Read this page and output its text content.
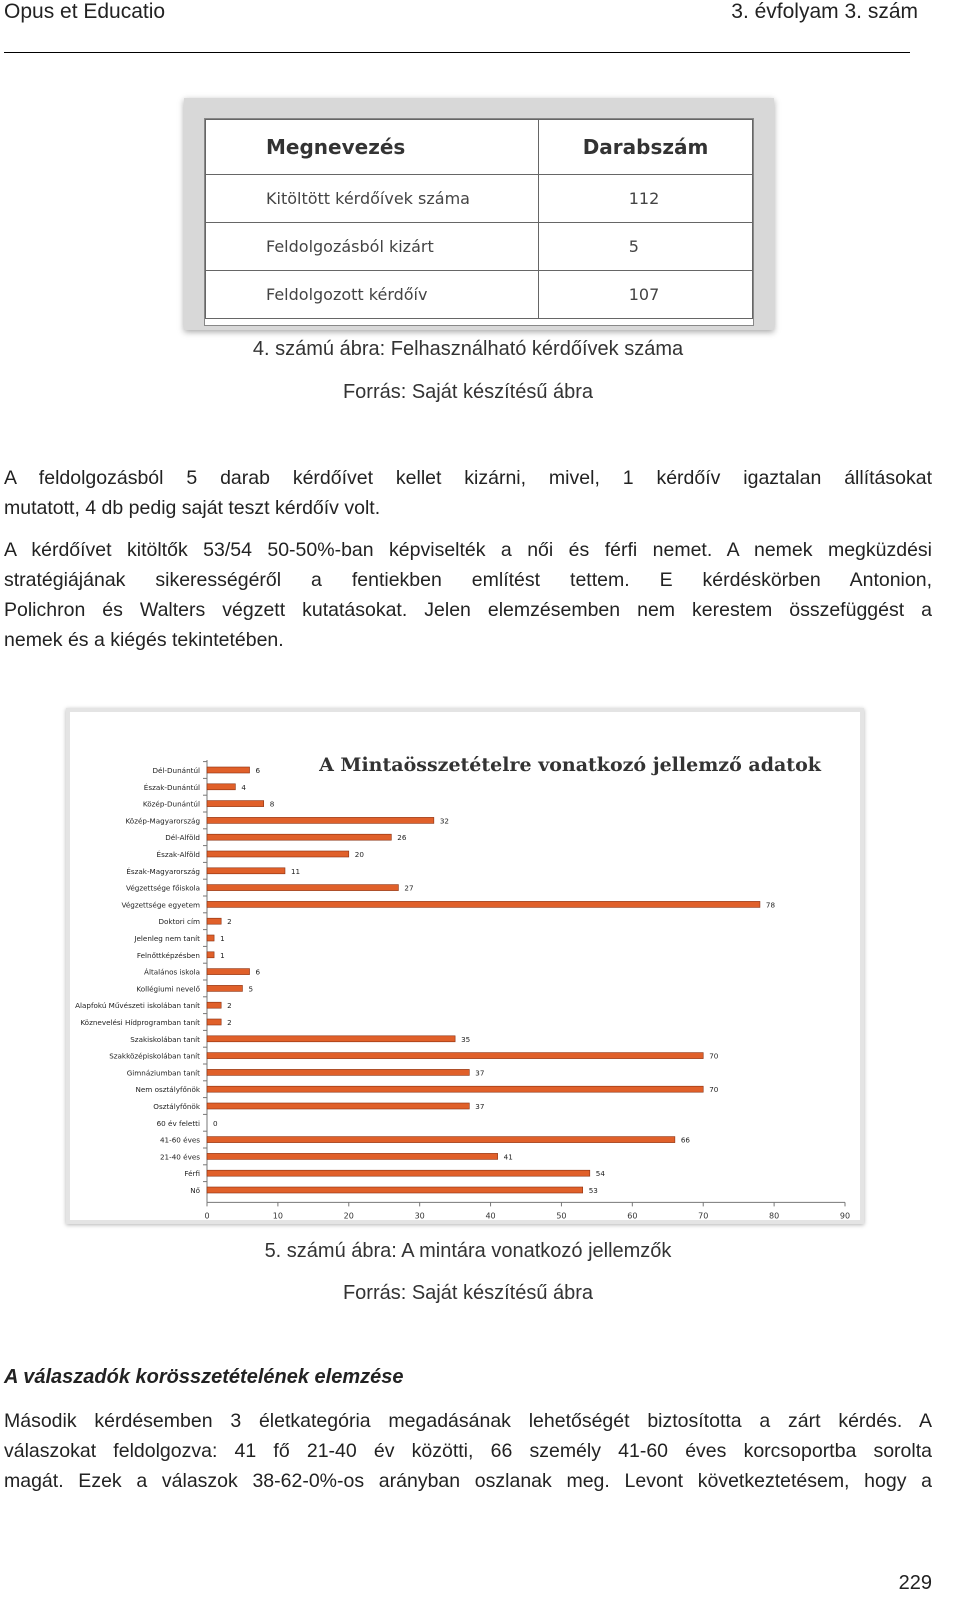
Opus et Educatio	3. évfolyam 3. szám
Megnevezés	Darabszám
Kitöltött kérdőívek száma	112
Feldolgozásból kizárt	5
Feldolgozott kérdőív	107
4. számú ábra: Felhasználható kérdőívek száma
Forrás: Saját készítésű ábra
A feldolgozásból 5 darab kérdőívet kellet kizárni, mivel, 1 kérdőív igaztalan állításokat
mutatott, 4 db pedig saját teszt kérdőív volt.
A kérdőívet kitöltők 53/54 50-50%-ban képviselték a női és férfi nemet. A nemek megküzdési
stratégiájának sikerességéről a fentiekben említést tettem. E kérdéskörben Antonion,
Polichron és Walters végzett kutatásokat. Jelen elemzésemben nem kerestem összefüggést a
nemek és a kiégés tekintetében.
A Mintaösszetételre vonatkozó jellemző adatok
0	10	20	30	40	50	60	70	80	90
Dél-Dunántúl	6
Észak-Dunántúl	4
Közép-Dunántúl	8
Közép-Magyarország	32
Dél-Alföld	26
Észak-Alföld	20
Észak-Magyarország	11
Végzettsége főiskola	27
Végzettsége egyetem	78
Doktori cím	2
Jelenleg nem tanít	1
Felnőttképzésben	1
Általános iskola	6
Kollégiumi nevelő	5
Alapfokú Művészeti iskolában tanít	2
Köznevelési Hídprogramban tanít	2
Szakiskolában tanít	35
Szakközépiskolában tanít	70
Gimnáziumban tanít	37
Nem osztályfőnök	70
Osztályfőnök	37
60 év feletti 0
41-60 éves	66
21-40 éves	41
Férfi	54
Nő	53
5. számú ábra: A mintára vonatkozó jellemzők
Forrás: Saját készítésű ábra
A válaszadók korösszetételének elemzése
Második kérdésemben 3 életkategória megadásának lehetőségét biztosította a zárt kérdés. A
válaszokat feldolgozva: 41 fő 21-40 év közötti, 66 személy 41-60 éves korcsoportba sorolta
magát. Ezek a válaszok 38-62-0%-os arányban oszlanak meg. Levont következtetésem, hogy a
229
